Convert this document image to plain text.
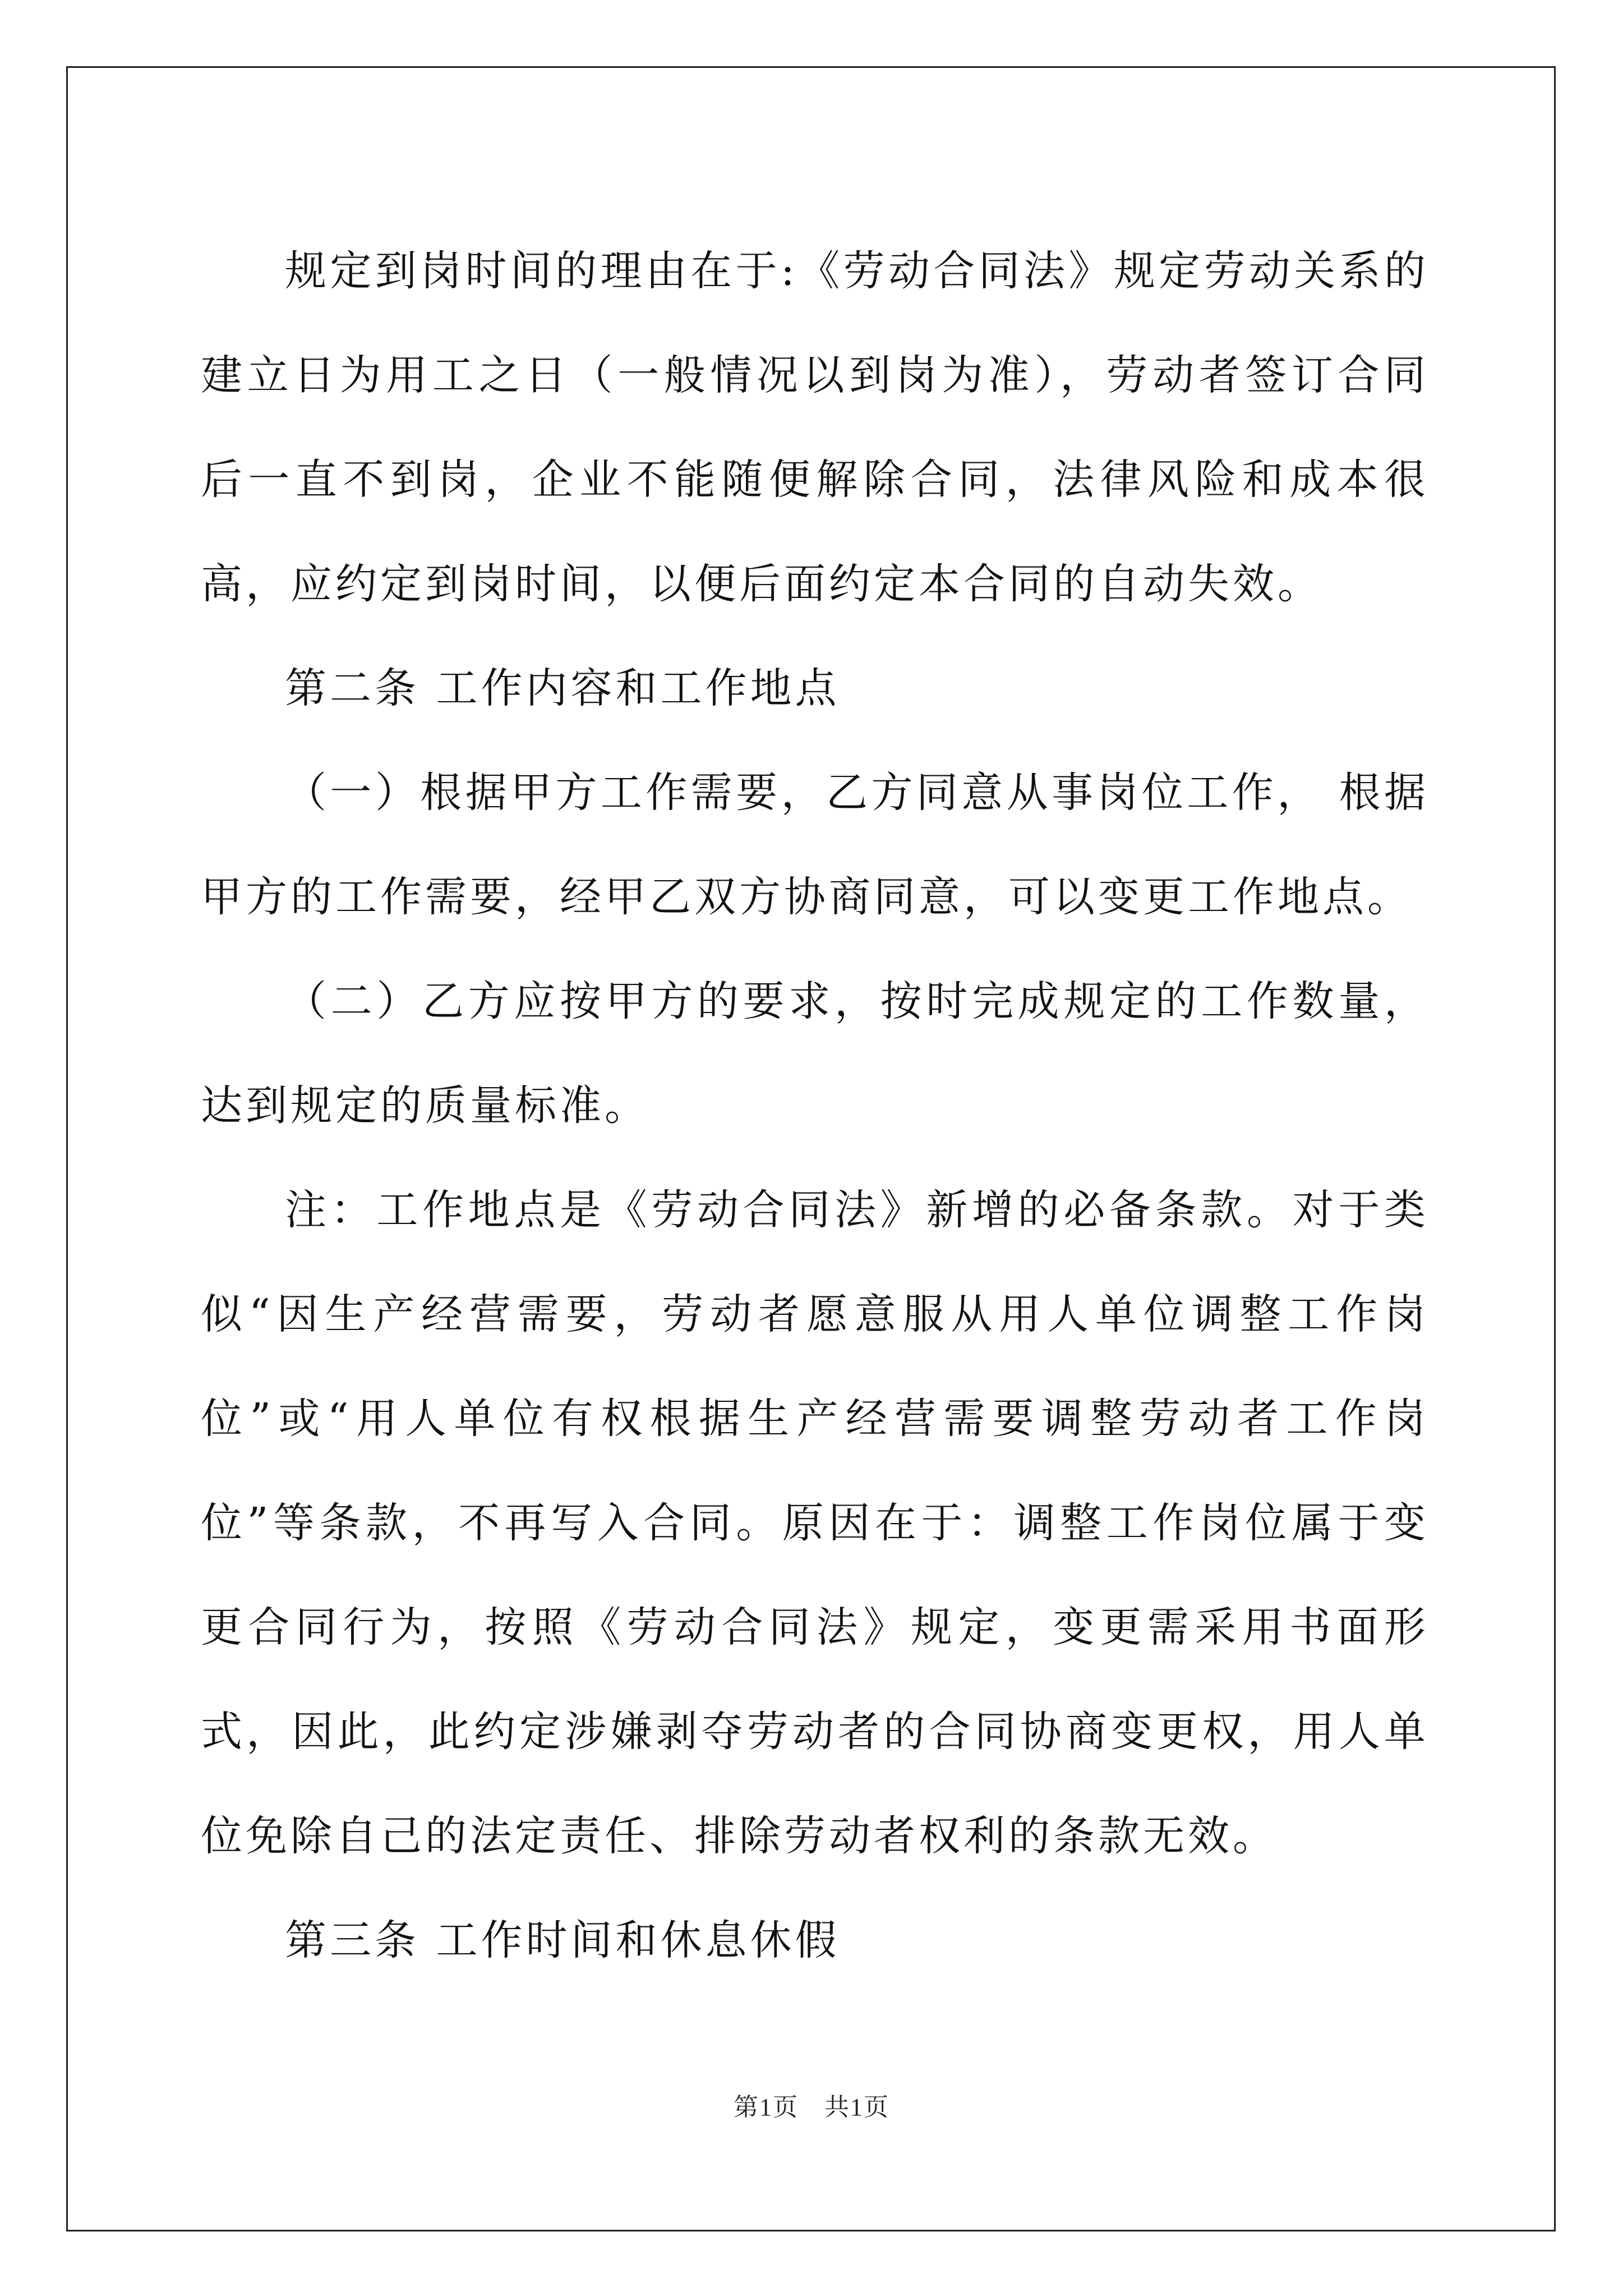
规定到岗时间的理由在于:《劳动合同法》规定劳动关系的建立日为用工之日（一般情况以到岗为准），劳动者签订合同后一直不到岗，企业不能随便解除合同，法律风险和成本很高，应约定到岗时间，以便后面约定本合同的自动失效。

第二条 工作内容和工作地点

（一）根据甲方工作需要，乙方同意从事岗位工作， 根据甲方的工作需要，经甲乙双方协商同意，可以变更工作地点。

（二）乙方应按甲方的要求，按时完成规定的工作数量，达到规定的质量标准。

注：工作地点是《劳动合同法》新增的必备条款。对于类似“因生产经营需要，劳动者愿意服从用人单位调整工作岗位”或“用人单位有权根据生产经营需要调整劳动者工作岗位”等条款，不再写入合同。原因在于：调整工作岗位属于变更合同行为，按照《劳动合同法》规定，变更需采用书面形式，因此，此约定涉嫌剥夺劳动者的合同协商变更权，用人单位免除自己的法定责任、排除劳动者权利的条款无效。

第三条 工作时间和休息休假

第1页　共1页
